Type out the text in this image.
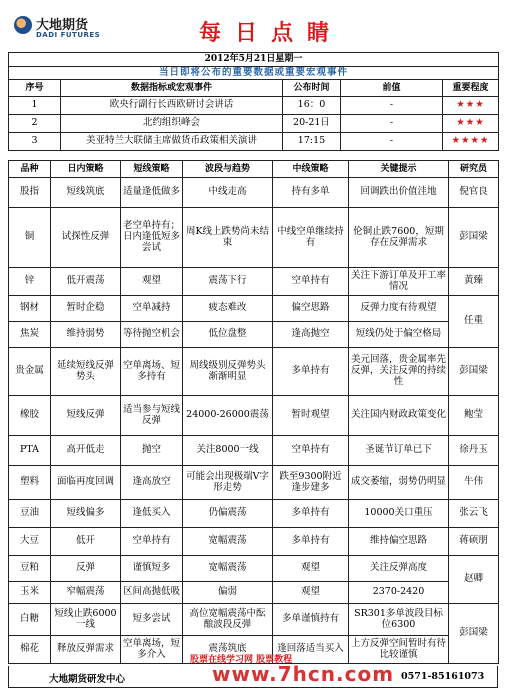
大地期货
DADI FUTURES	每日点睛
2012年5月21日星期一				
当日即将公布的重要数据或重要宏观事件				
序号	数据指标或宏观事件	公布时间	前值	重要程度
1	欧央行副行长西欧研讨会讲话	16：0	-	★★★
2	北约组织峰会	20-21日	-	★★★
3	美亚特兰大联储主席做货币政策相关演讲	17:15	-	★★★★
品种	日内策略	短线策略	波段与趋势	中线策略	关键提示	研究员
股指	短线筑底	适量逢低做多	中线走高	持有多单	回调跌出价值洼地	倪官良
铜	试探性反弹	老空单持有；日内逢低短多尝试	周K线上跌势尚未结束	中线空单继续持有	伦铜止跌7600，短期存在反弹需求	彭国梁
锌	低开震荡	观望	震荡下行	空单持有	关注下游订单及开工率情况	黄臻
钢材	暂时企稳	空单减持	疲态难改	偏空思路	反弹力度有待观望	任重
焦炭	维持弱势	等待抛空机会	低位盘整	逢高抛空	短线仍处于偏空格局	
贵金属	延续短线反弹势头	空单离场、短多持有	周线级别反弹势头渐渐明显	多单持有	美元回落，贵金属率先反弹，关注反弹的持续性	彭国梁
橡胶	短线反弹	适当参与短线反弹	24000-26000震荡	暂时观望	关注国内财政政策变化	鲍莹
PTA	高开低走	抛空	关注8000一线	空单持有	圣诞节订单已下	徐丹玉
塑料	面临再度回调	逢高放空	可能会出现极端V字形走势	跌至9300附近逢步建多	成交萎缩，弱势仍明显	牛伟
豆油	短线偏多	逢低买入	仍偏震荡	多单持有	10000关口重压	张云飞
大豆	低开	空单持有	宽幅震荡	多单持有	维持偏空思路	蒋硕朋
豆粕	反弹	谨慎短多	宽幅震荡	观望	关注反弹高度	赵卿
玉米	窄幅震荡	区间高抛低吸	偏弱	观望	2370-2420	
白糖	短线止跌6000一线	短多尝试	高位宽幅震荡中酝酿波段反弹	多单谨慎持有	SR301多单波段目标位6300	彭国梁
棉花	释放反弹需求	空单离场，短多介入	震荡筑底	逢回落适当买入	上方反弹空间暂时有待比较谨慎	
大地期货研发中心	0571-85161073
股票在线学习网 股票教程
www.7hcn.com
